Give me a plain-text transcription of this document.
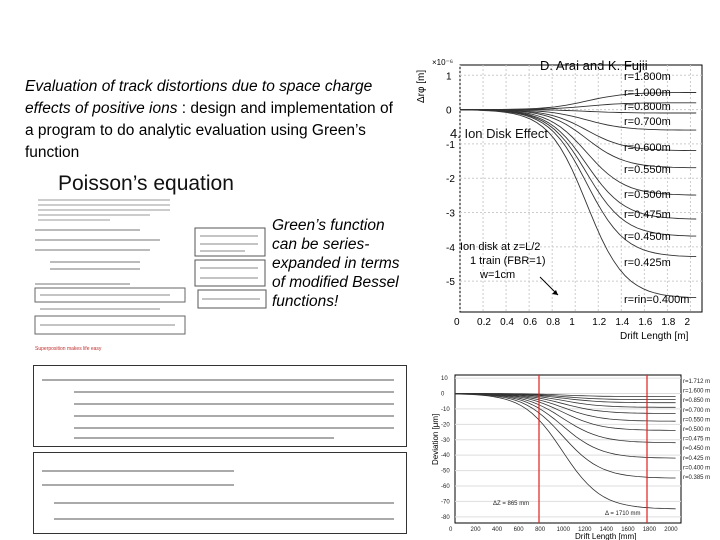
Evaluation of track distortions due to space charge effects of positive ions : design and implementation of a program to do analytic evaluation using Green’s function
Poisson’s equation
Superposition makes life easy
Green’s function can be series-expanded in terms of modified Bessel functions!
D. Arai and K. Fujii
×10⁻⁶
Δrφ [m]
Drift Length [m]
1
0
-1
-2
-3
-4
-5
0 0.2 0.4 0.6 0.8 1 1.2 1.4 1.6 1.8 2
r=1.800m
r=1.000m
r=0.800m
r=0.700m
r=0.600m
r=0.550m
r=0.500m
r=0.475m
r=0.450m
r=0.425m
r=rin=0.400m
4. Ion Disk Effect
Ion disk at z=L/2
1 train (FBR=1)
w=1cm
Deviation [μm]
Drift Length [mm]
10
0
-10
-20
-30
-40
-50
-60
-70
-80
0	200 400 600 800 1000 1200 1400 1600 1800 2000
r=1.712 m
r=1.600 m
r=0.850 m
r=0.700 m
r=0.550 m
r=0.500 m
r=0.475 m
r=0.450 m
r=0.425 m
r=0.400 m
r=0.385 m
ΔZ = 865 mm
Δ = 1710 mm
